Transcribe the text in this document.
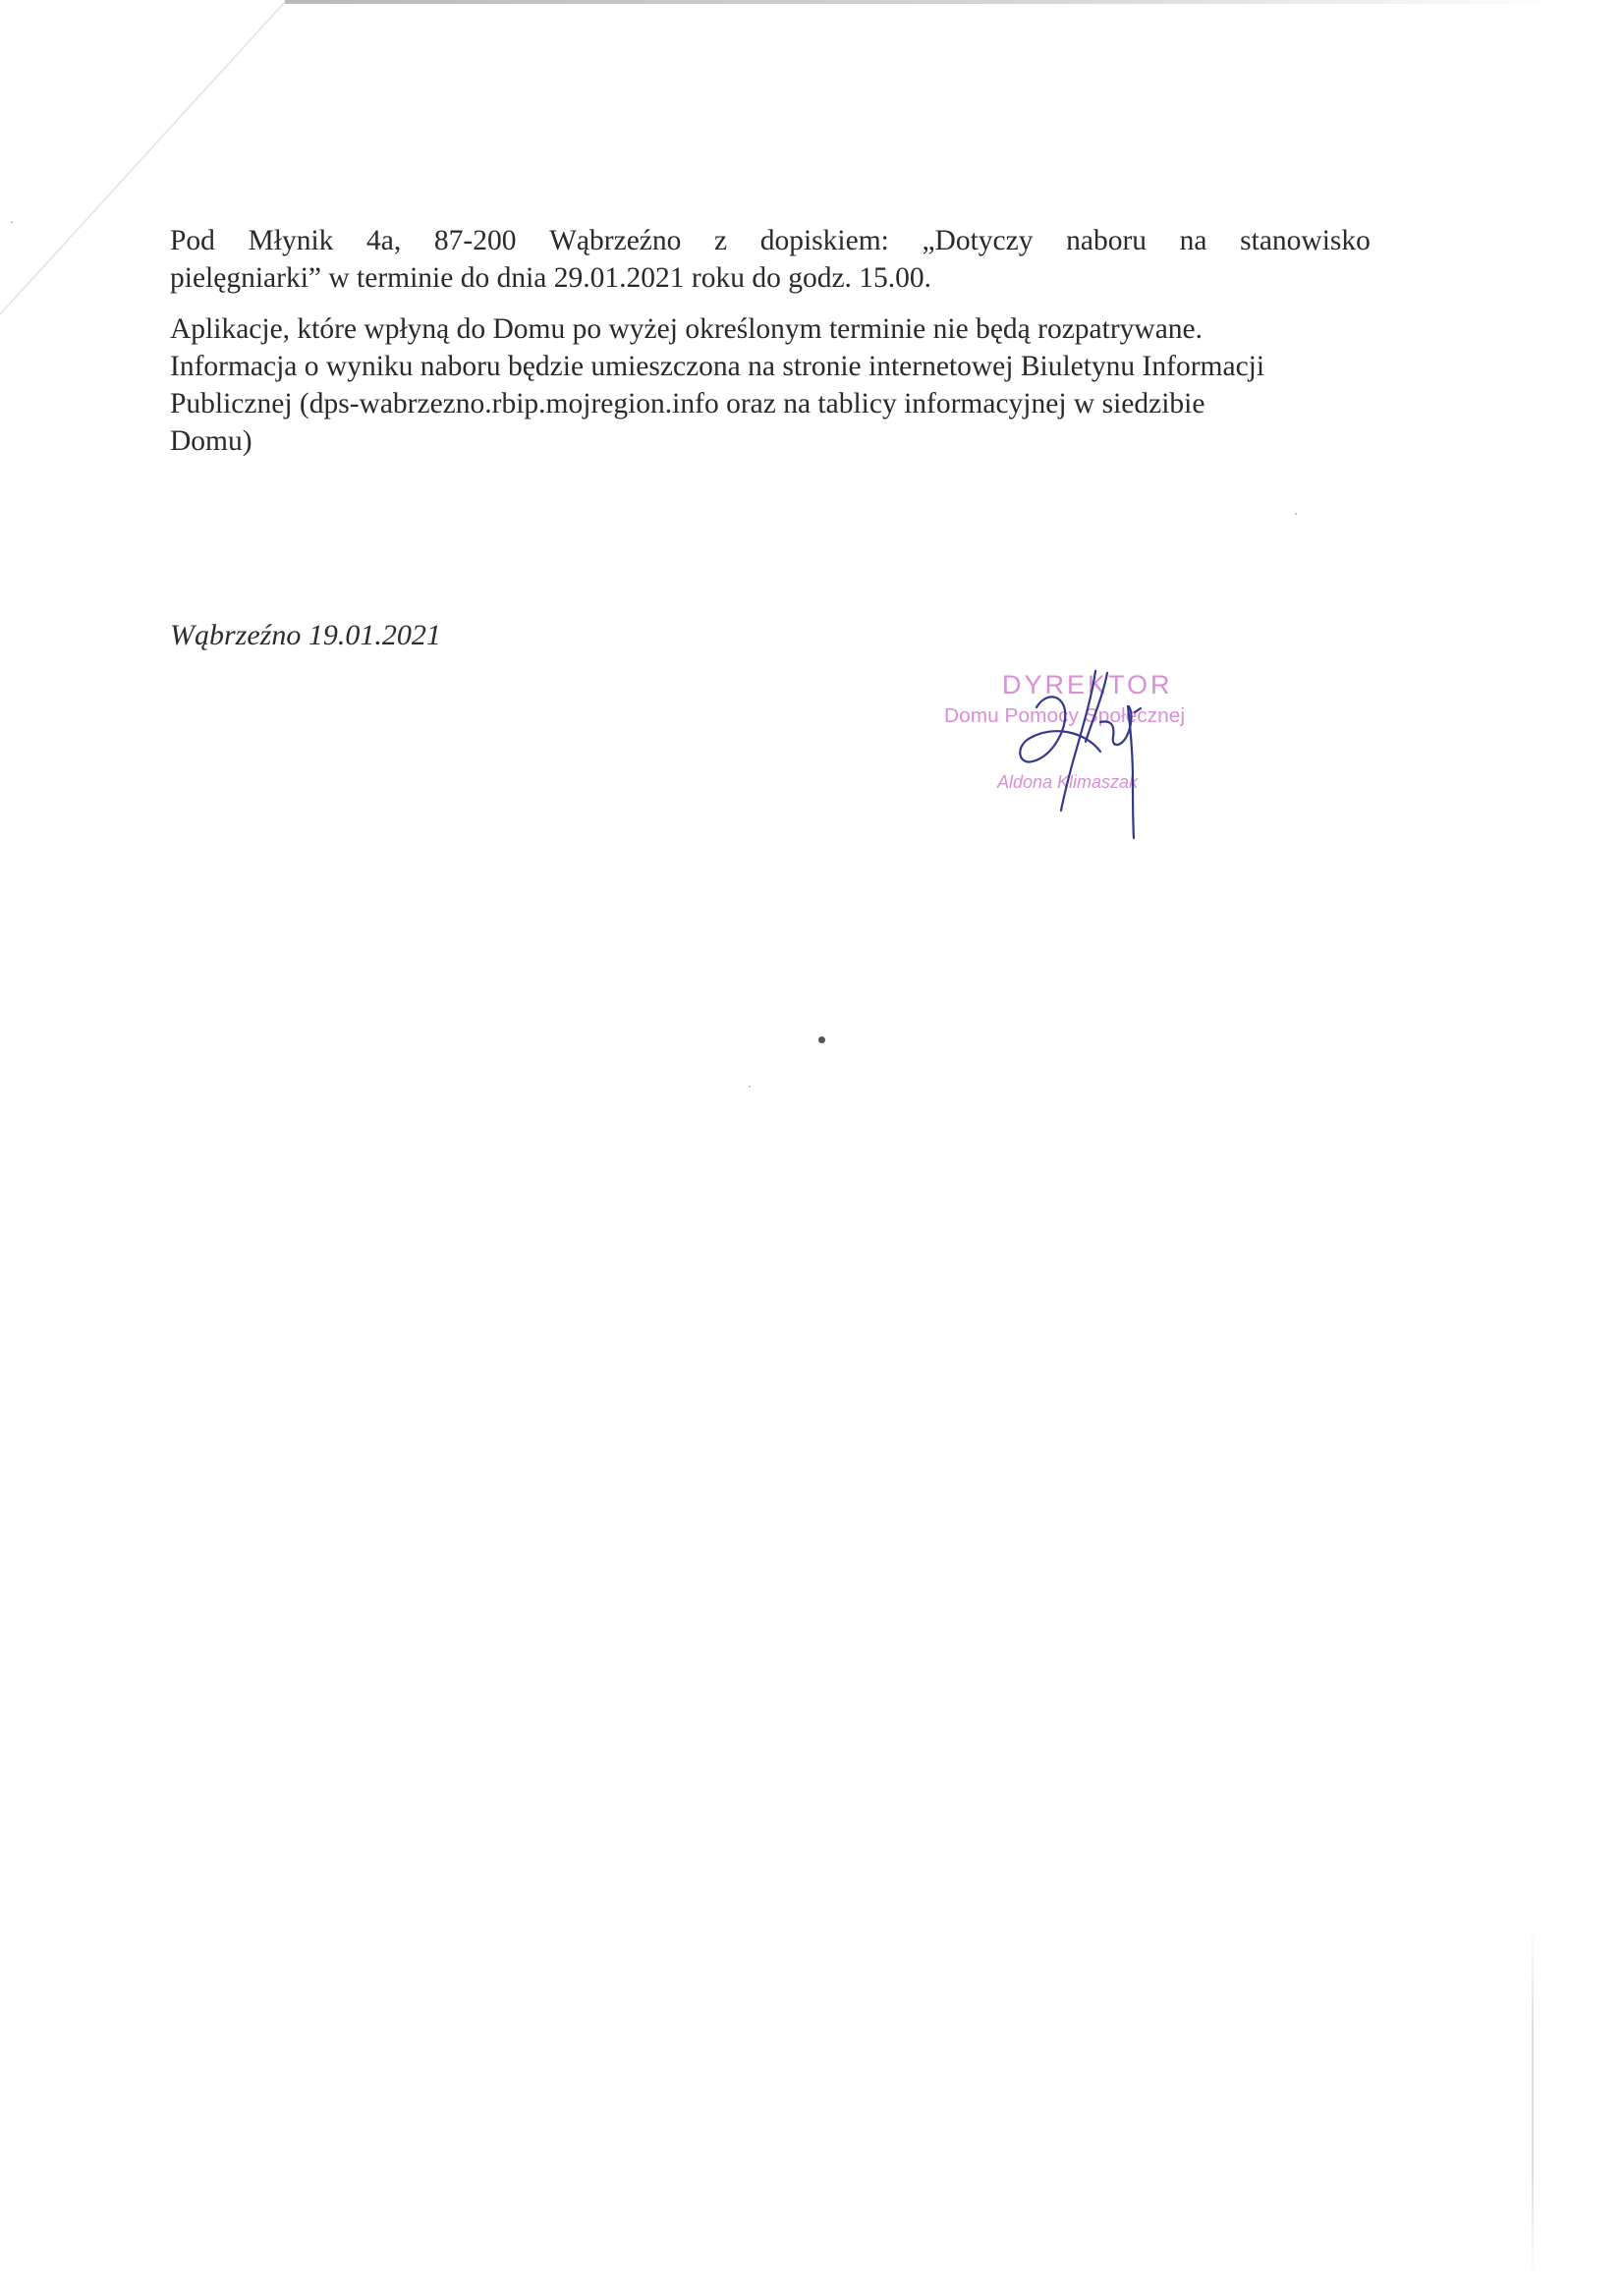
Pod Młynik 4a, 87-200 Wąbrzeźno z dopiskiem: „Dotyczy naboru na stanowisko
pielęgniarki” w terminie do dnia 29.01.2021 roku do godz. 15.00.
Aplikacje, które wpłyną do Domu po wyżej określonym terminie nie będą rozpatrywane.
Informacja o wyniku naboru będzie umieszczona na stronie internetowej Biuletynu Informacji
Publicznej (dps-wabrzezno.rbip.mojregion.info oraz na tablicy informacyjnej w siedzibie
Domu)
Wąbrzeźno 19.01.2021
DYREKTOR
Domu Pomocy Społecznej
Aldona Klimaszak
